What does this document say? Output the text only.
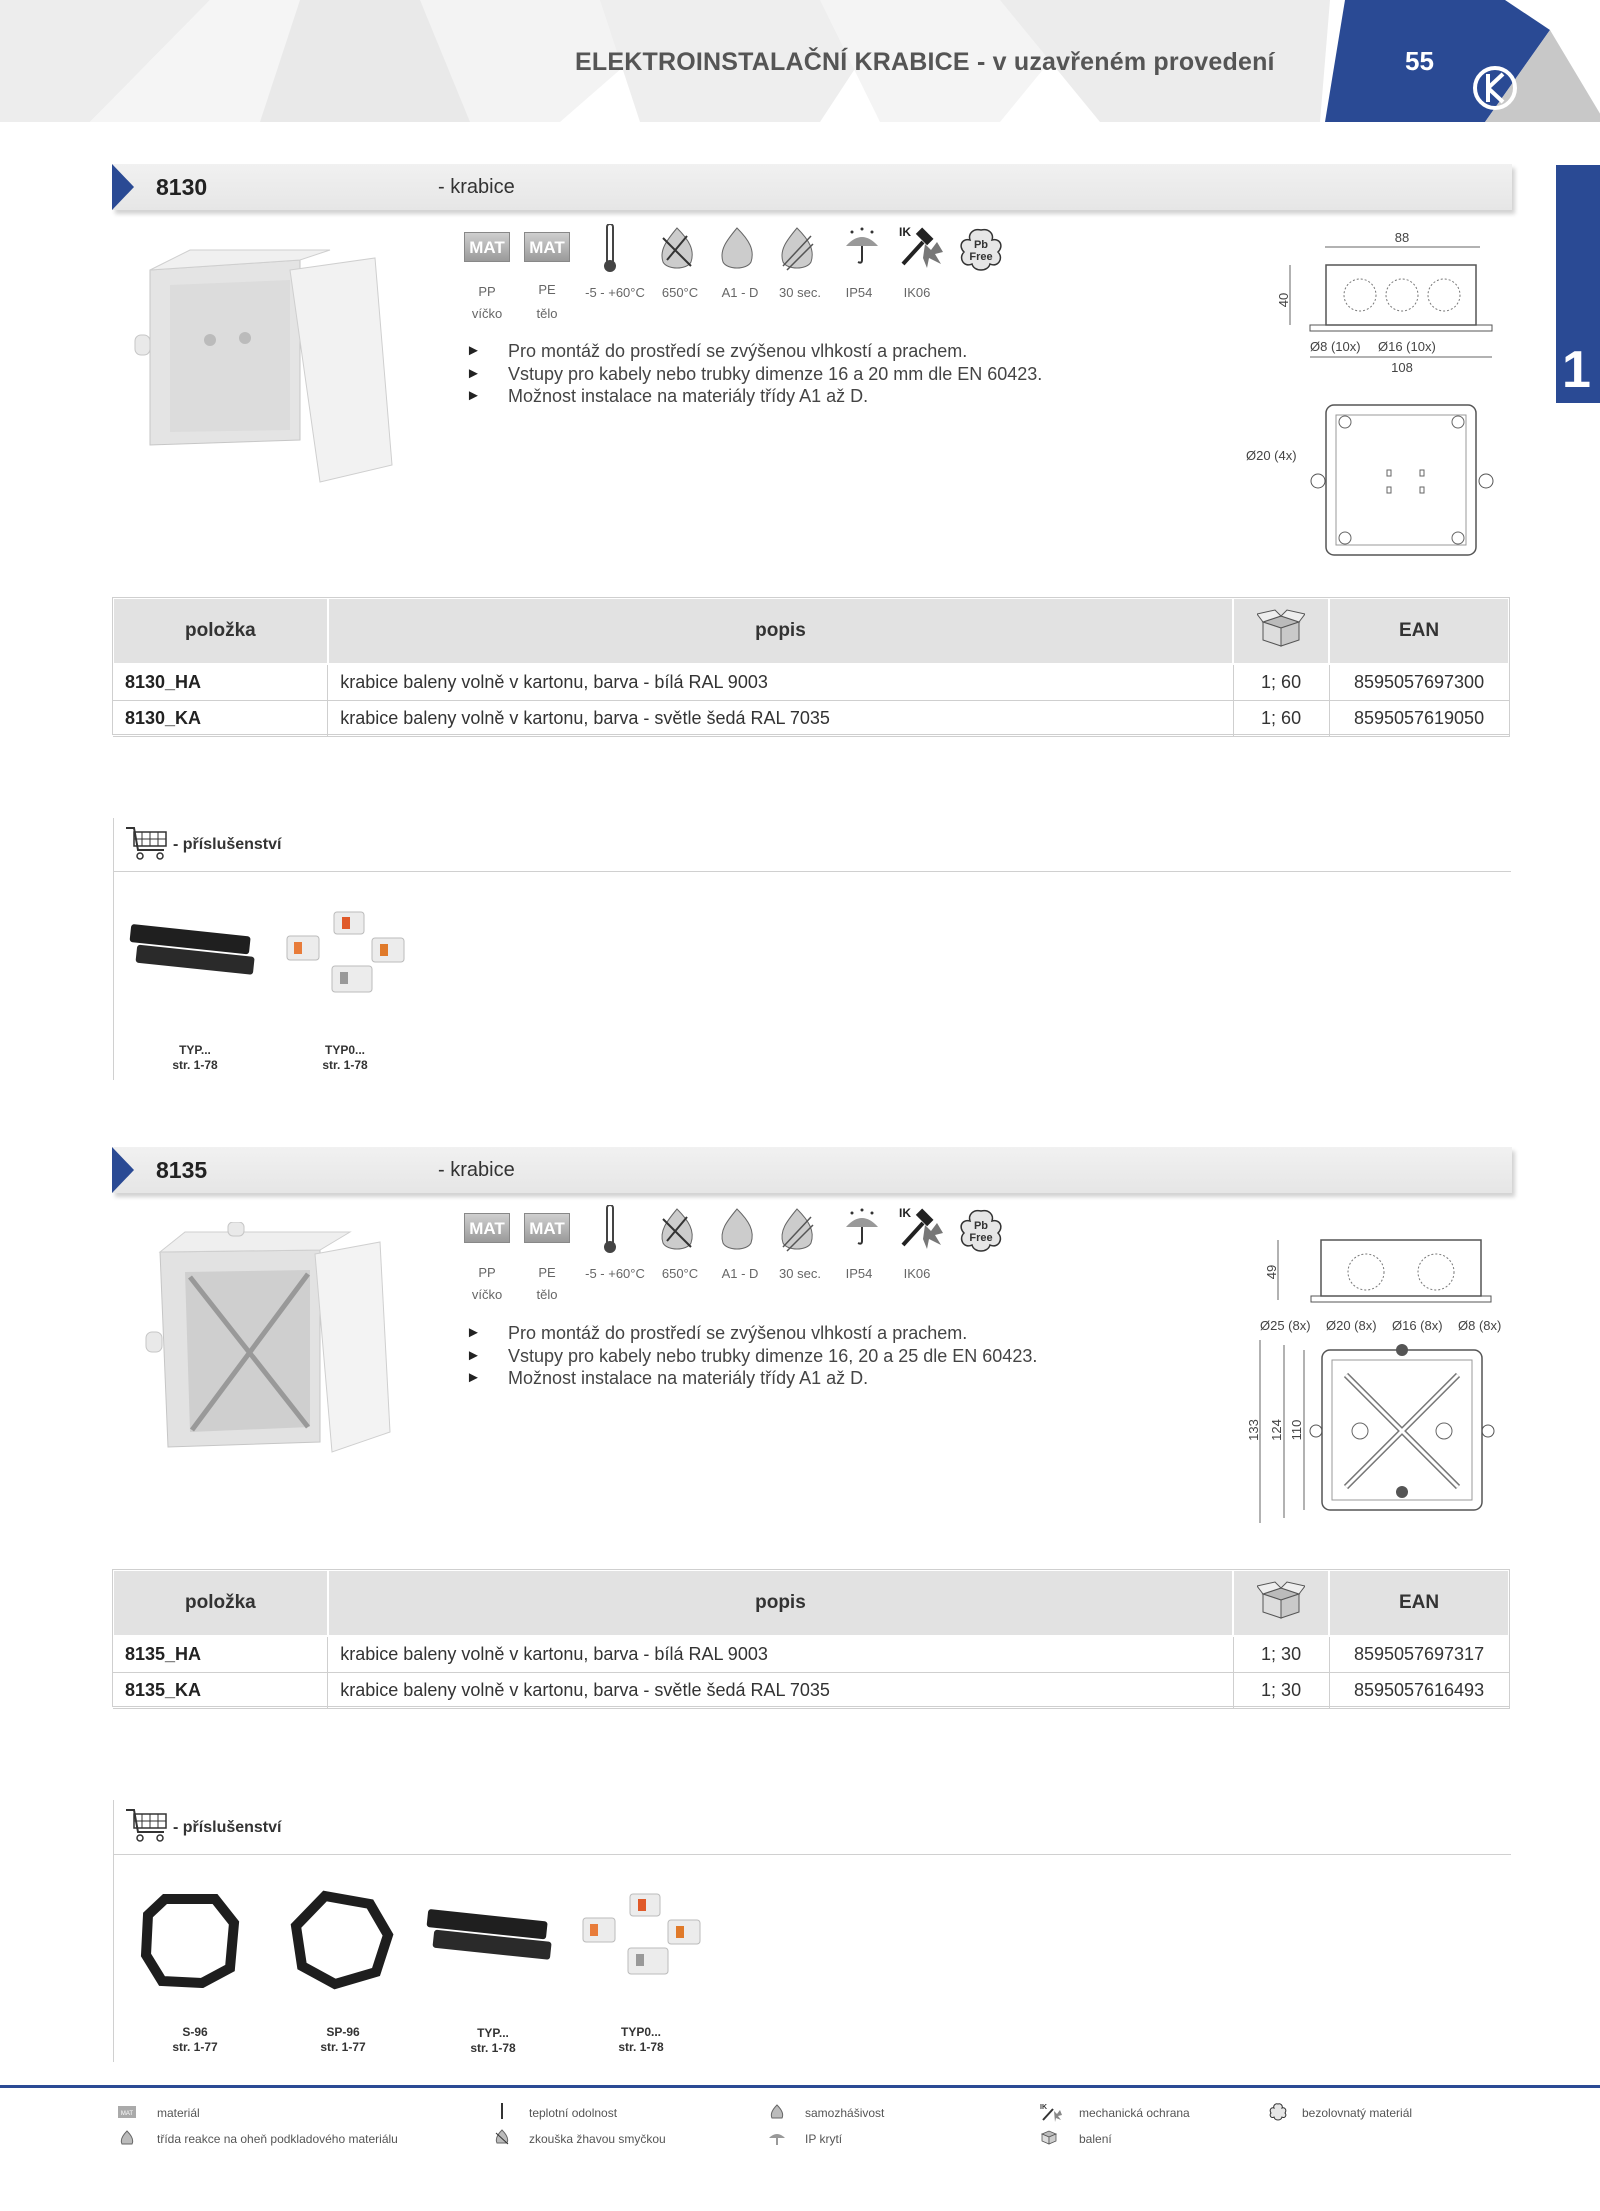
ELEKTROINSTALAČNÍ KRABICE - v uzavřeném provedení	55
1
8130	- krabice
MAT	MAT
IK
Pb
Free
PP
víčko
PE
tělo
-5 - +60°C	650°C	A1 - D	30 sec.	IP54	IK06
► Pro montáž do prostředí se zvýšenou vlhkostí a prachem.
► Vstupy pro kabely nebo trubky dimenze 16 a 20 mm dle EN 60423.
► Možnost instalace na materiály třídy A1 až D.
88
40
Ø8 (10x) Ø16 (10x)
108
Ø20 (4x)
položka	popis		EAN
8130_HA	krabice baleny volně v kartonu, barva - bílá RAL 9003	1; 60	8595057697300
8130_KA	krabice baleny volně v kartonu, barva - světle šedá RAL 7035	1; 60	8595057619050
- příslušenství
TYP...
str. 1-78
TYP0...
str. 1-78
8135	- krabice
MAT	MAT
IK
Pb
Free
PP
víčko
PE
tělo
-5 - +60°C	650°C	A1 - D	30 sec.	IP54	IK06
► Pro montáž do prostředí se zvýšenou vlhkostí a prachem.
► Vstupy pro kabely nebo trubky dimenze 16, 20 a 25 dle EN 60423.
► Možnost instalace na materiály třídy A1 až D.
49
Ø25 (8x) Ø20 (8x) Ø16 (8x) Ø8 (8x)
133 124 110
položka	popis		EAN
8135_HA	krabice baleny volně v kartonu, barva - bílá RAL 9003	1; 30	8595057697317
8135_KA	krabice baleny volně v kartonu, barva - světle šedá RAL 7035	1; 30	8595057616493
- příslušenství
S-96
str. 1-77
SP-96
str. 1-77
TYP...
str. 1-78
TYP0...
str. 1-78
MAT materiál
třída reakce na oheň podkladového materiálu
teplotní odolnost
zkouška žhavou smyčkou
samozhášivost
IP krytí
IK	mechanická ochrana
balení
bezolovnatý materiál
